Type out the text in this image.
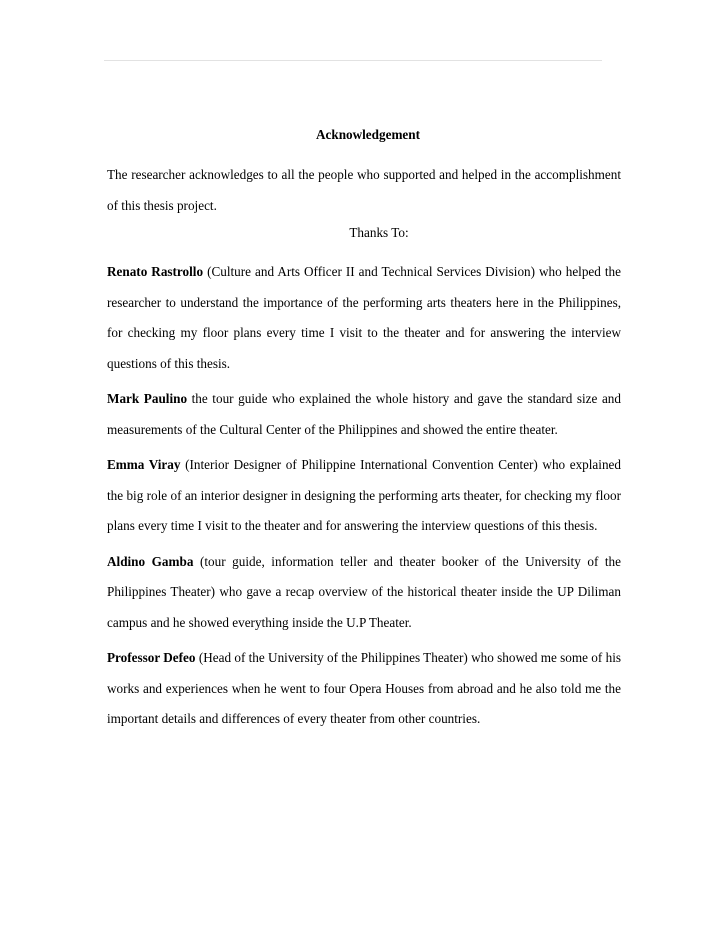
Acknowledgement

The researcher acknowledges to all the people who supported and helped in the accomplishment of this thesis project.

Thanks To:

Renato Rastrollo (Culture and Arts Officer II and Technical Services Division) who helped the researcher to understand the importance of the performing arts theaters here in the Philippines, for checking my floor plans every time I visit to the theater and for answering the interview questions of this thesis.

Mark Paulino the tour guide who explained the whole history and gave the standard size and measurements of the Cultural Center of the Philippines and showed the entire theater.

Emma Viray (Interior Designer of Philippine International Convention Center) who explained the big role of an interior designer in designing the performing arts theater, for checking my floor plans every time I visit to the theater and for answering the interview questions of this thesis.

Aldino Gamba (tour guide, information teller and theater booker of the University of the Philippines Theater) who gave a recap overview of the historical theater inside the UP Diliman campus and he showed everything inside the U.P Theater.

Professor Defeo (Head of the University of the Philippines Theater) who showed me some of his works and experiences when he went to four Opera Houses from abroad and he also told me the important details and differences of every theater from other countries.
